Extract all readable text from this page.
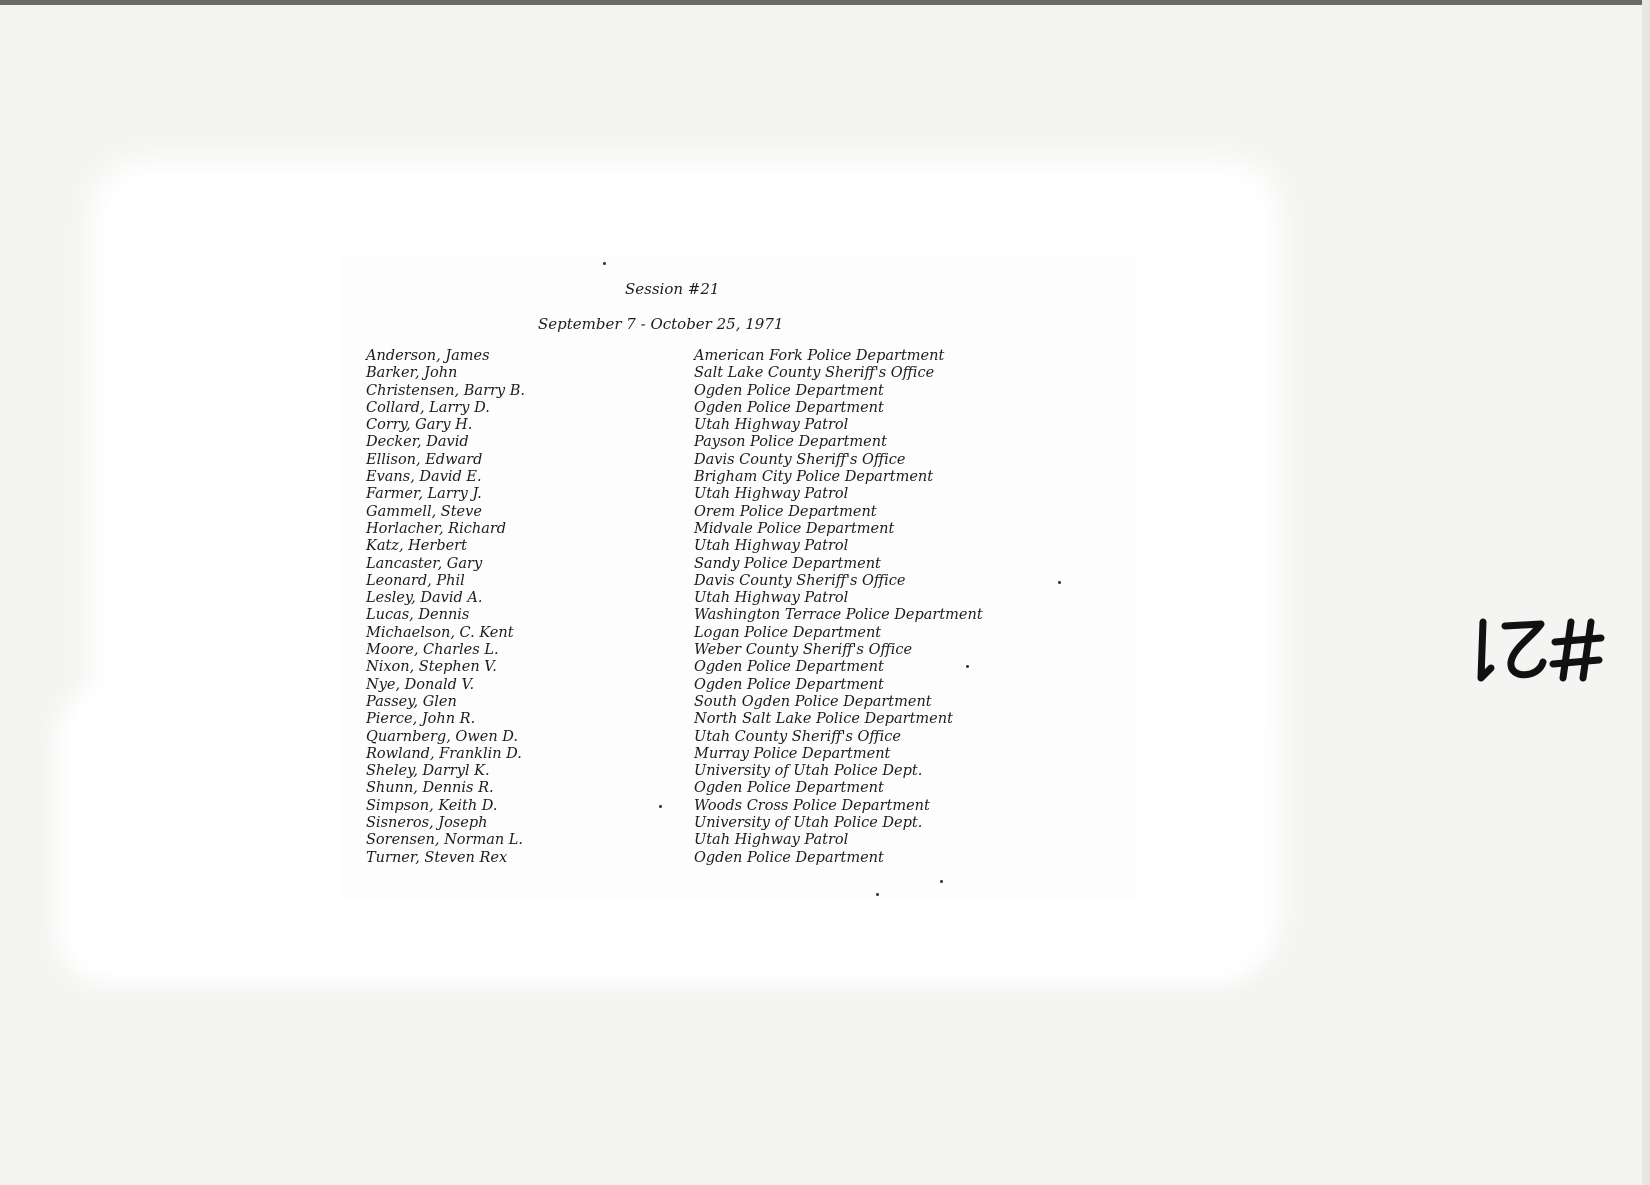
Session #21
September 7 - October 25, 1971
Anderson, James	American Fork Police Department
Barker, John	Salt Lake County Sheriff's Office
Christensen, Barry B.	Ogden Police Department
Collard, Larry D.	Ogden Police Department
Corry, Gary H.	Utah Highway Patrol
Decker, David	Payson Police Department
Ellison, Edward	Davis County Sheriff's Office
Evans, David E.	Brigham City Police Department
Farmer, Larry J.	Utah Highway Patrol
Gammell, Steve	Orem Police Department
Horlacher, Richard	Midvale Police Department
Katz, Herbert	Utah Highway Patrol
Lancaster, Gary	Sandy Police Department
Leonard, Phil	Davis County Sheriff's Office
Lesley, David A.	Utah Highway Patrol
Lucas, Dennis	Washington Terrace Police Department
Michaelson, C. Kent	Logan Police Department
Moore, Charles L.	Weber County Sheriff's Office
Nixon, Stephen V.	Ogden Police Department
Nye, Donald V.	Ogden Police Department
Passey, Glen	South Ogden Police Department
Pierce, John R.	North Salt Lake Police Department
Quarnberg, Owen D.	Utah County Sheriff's Office
Rowland, Franklin D.	Murray Police Department
Sheley, Darryl K.	University of Utah Police Dept.
Shunn, Dennis R.	Ogden Police Department
Simpson, Keith D.	Woods Cross Police Department
Sisneros, Joseph	University of Utah Police Dept.
Sorensen, Norman L.	Utah Highway Patrol
Turner, Steven Rex	Ogden Police Department
